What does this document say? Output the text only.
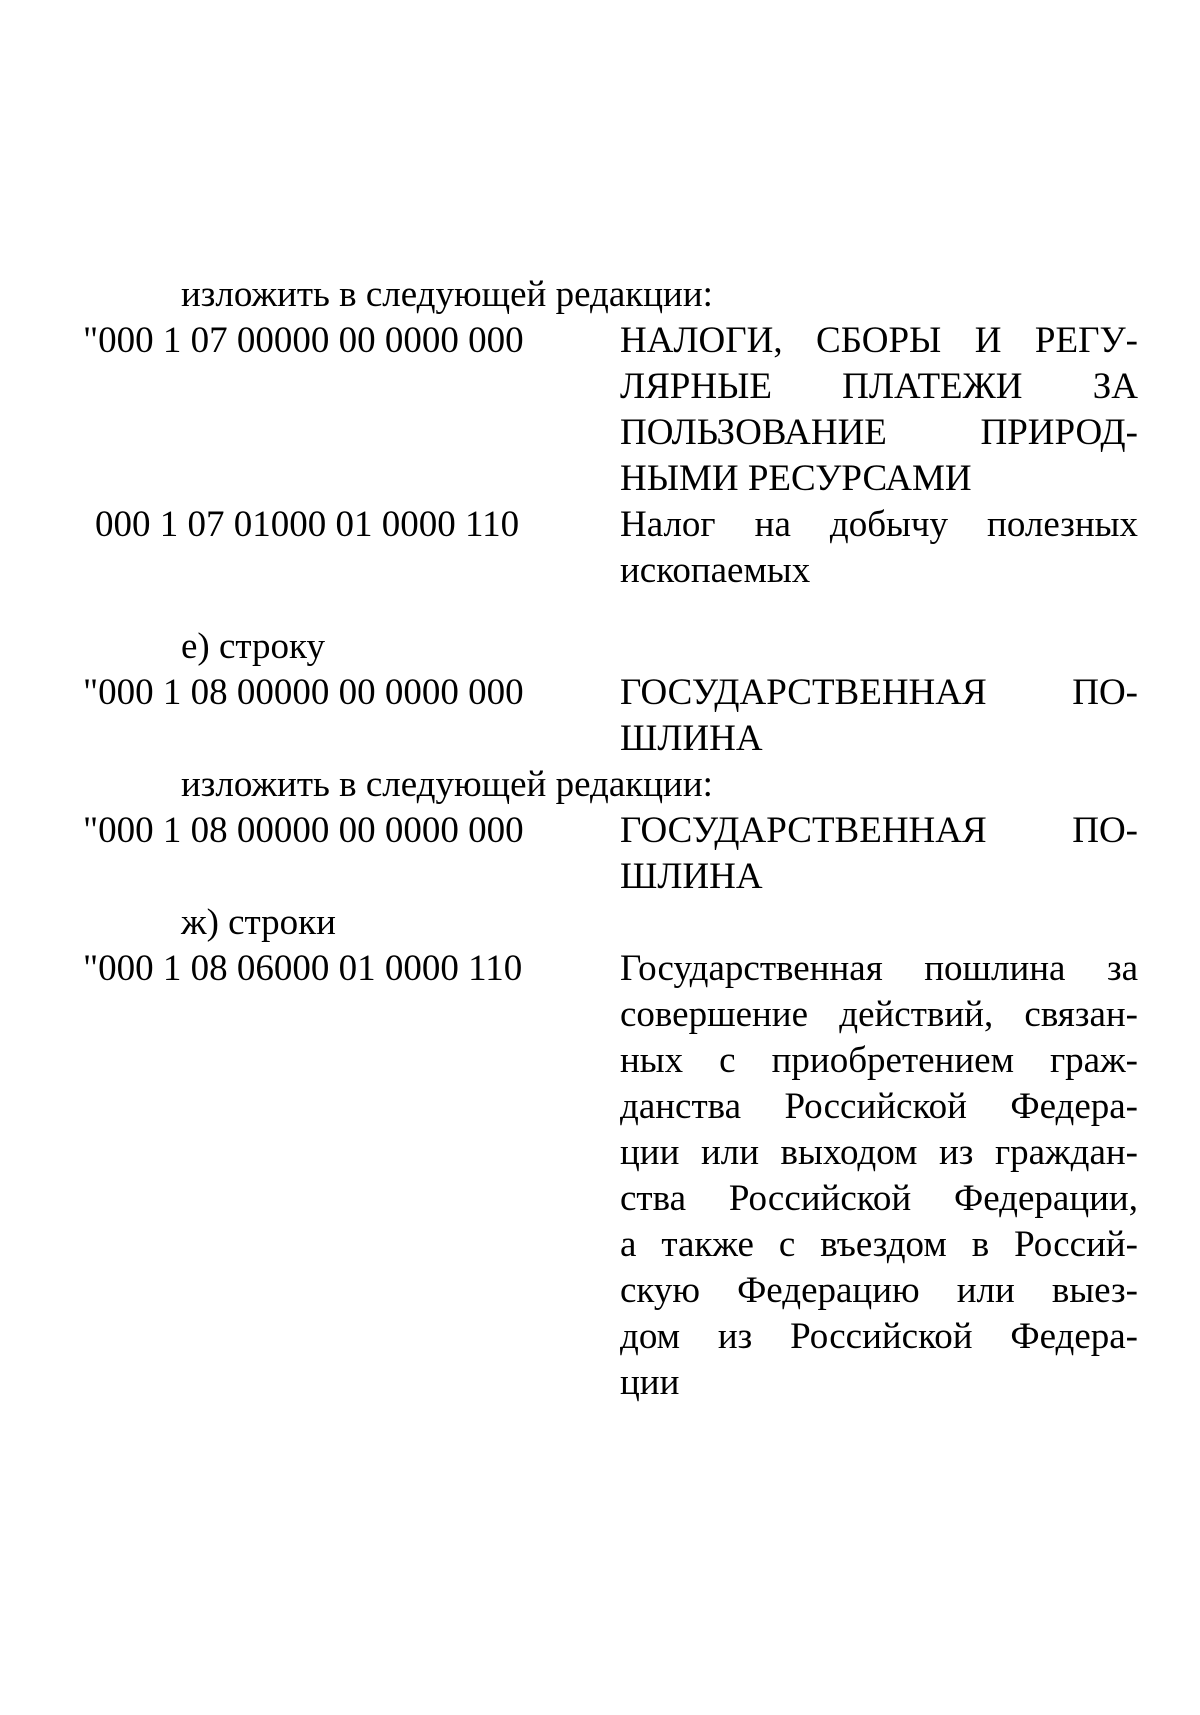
изложить в следующей редакции:
"000 1 07 00000 00 0000 000	НАЛОГИ, СБОРЫ И РЕГУ-
ЛЯРНЫЕ ПЛАТЕЖИ ЗА
ПОЛЬЗОВАНИЕ ПРИРОД-
НЫМИ РЕСУРСАМИ
000 1 07 01000 01 0000 110	Налог на добычу полезных
ископаемых
е) строку
"000 1 08 00000 00 0000 000	ГОСУДАРСТВЕННАЯ ПО-
ШЛИНА
изложить в следующей редакции:
"000 1 08 00000 00 0000 000	ГОСУДАРСТВЕННАЯ ПО-
ШЛИНА
ж) строки
"000 1 08 06000 01 0000 110	Государственная пошлина за
совершение действий, связан-
ных с приобретением граж-
данства Российской Федера-
ции или выходом из граждан-
ства Российской Федерации,
а также с въездом в Россий-
скую Федерацию или выез-
дом из Российской Федера-
ции
